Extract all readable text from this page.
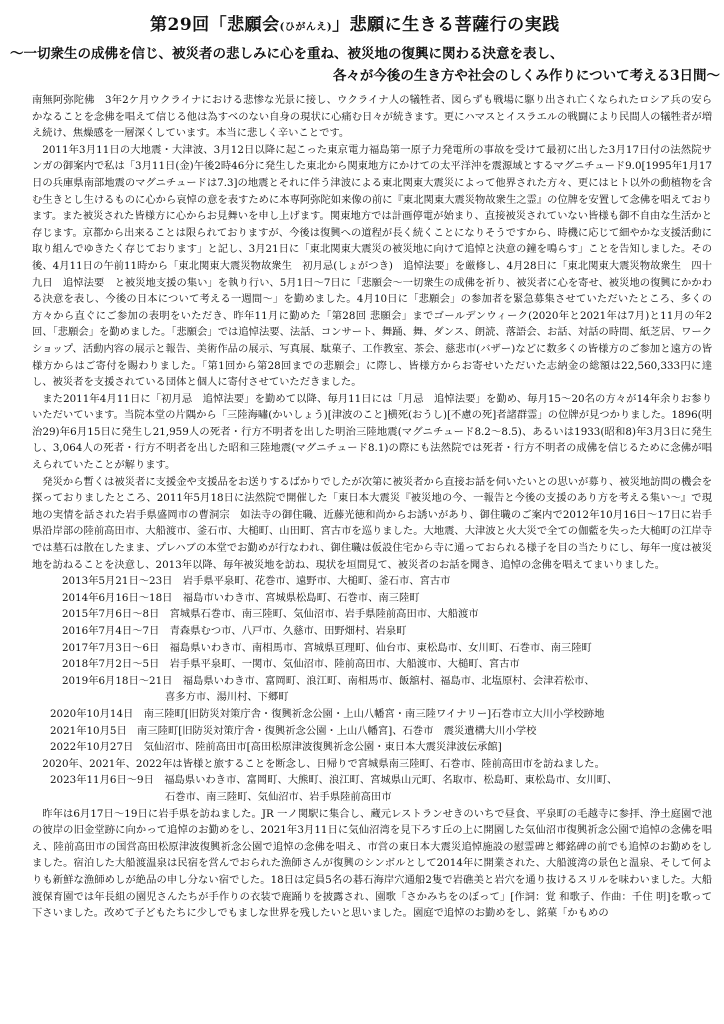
第29回「悲願会(ひがんえ)」悲願に生きる菩薩行の実践
〜一切衆生の成佛を信じ、被災者の悲しみに心を重ね、被災地の復興に関わる決意を表し、
各々が今後の生き方や社会のしくみ作りについて考える3日間〜

南無阿弥陀佛　3年2ケ月ウクライナにおける悲惨な光景に接し、ウクライナ人の犠牲者、図らずも戦場に駆り出され亡くなられたロシア兵の安らかなることを念佛を唱えて信じる他は為すべのない自身の現状に心痛む日々が続きます。更にハマスとイスラエルの戦闘により民間人の犠牲者が増え続け、焦燥感を一層深くしています。本当に悲しく辛いことです。

2011年3月11日の大地震・大津波、3月12日以降に起こった東京電力福島第一原子力発電所の事故を受けて最初に出した3月17日付の法然院サンガの御案内で私は「3月11日(金)午後2時46分に発生した東北から関東地方にかけての太平洋沖を震源域とするマグニチュード9.0[1995年1月17日の兵庫県南部地震のマグニチュードは7.3]の地震とそれに伴う津波による東北関東大震災によって他界された方々、更にはヒト以外の動植物を含む生きとし生けるものに心から哀悼の意を表すために本専阿弥陀如来像の前に『東北関東大震災物故衆生之霊』の位牌を安置して念佛を唱えております。また被災された皆様方に心からお見舞いを申し上げます。関東地方では計画停電が始まり、直接被災されていない皆様も御不自由な生活かと存じます。京都から出来ることは限られておりますが、今後は復興への道程が長く続くことになりそうですから、時機に応じて細やかな支援活動に取り組んでゆきたく存じております」と記し、3月21日に「東北関東大震災の被災地に向けて追悼と決意の鐘を鳴らす」ことを告知しました。その後、4月11日の午前11時から「東北関東大震災物故衆生　初月忌(しょがつき)　追悼法要」を厳修し、4月28日に「東北関東大震災物故衆生　四十九日　追悼法要　と被災地支援の集い」を執り行い、5月1日〜7日に「悲願会〜一切衆生の成佛を祈り、被災者に心を寄せ、被災地の復興にかかわる決意を表し、今後の日本について考える一週間〜」を勤めました。4月10日に「悲願会」の参加者を緊急募集させていただいたところ、多くの方々から直ぐにご参加の表明をいただき、昨年11月に勤めた「第28回 悲願会」までゴールデンウィーク(2020年と2021年は7月)と11月の年2回、「悲願会」を勤めました。「悲願会」では追悼法要、法話、コンサート、舞踊、舞、ダンス、朗読、落語会、お話、対話の時間、紙芝居、ワークショップ、活動内容の展示と報告、美術作品の展示、写真展、駄菓子、工作教室、茶会、慈悲市(バザー)などに数多くの皆様方のご参加と遠方の皆様方からはご寄付を賜わりました。「第1回から第28回までの悲願会」に際し、皆様方からお寄せいただいた志納金の総額は22,560,333円に達し、被災者を支援されている団体と個人に寄付させていただきました。

また2011年4月11日に「初月忌　追悼法要」を勤めて以降、毎月11日には「月忌　追悼法要」を勤め、毎月15〜20名の方々が14年余りお参りいただいています。当院本堂の片隅から「三陸海嘯(かいしょう)[津波のこと]横死(おうし)[不慮の死]者諸群霊」の位牌が見つかりました。1896(明治29)年6月15日に発生し21,959人の死者・行方不明者を出した明治三陸地震(マグニチュード8.2〜8.5)、あるいは1933(昭和8)年3月3日に発生し、3,064人の死者・行方不明者を出した昭和三陸地震(マグニチュード8.1)の際にも法然院では死者・行方不明者の成佛を信じるために念佛が唱えられていたことが解ります。

発災から暫くは被災者に支援金や支援品をお送りするばかりでしたが次第に被災者から直接お話を伺いたいとの思いが募り、被災地訪問の機会を探っておりましたところ、2011年5月18日に法然院で開催した「東日本大震災『被災地の今、一報告と今後の支援のあり方を考える集い〜』で現地の実情を話された岩手県盛岡市の曹洞宗　如法寺の御住職、近藤光徳和尚からお誘いがあり、御住職のご案内で2012年10月16日〜17日に岩手県沿岸部の陸前高田市、大船渡市、釜石市、大槌町、山田町、宮古市を巡りました。大地震、大津波と火大災で全ての伽藍を失った大槌町の江岸寺では墓石は散在したまま、プレハブの本堂でお勤めが行なわれ、御住職は仮設住宅から寺に通っておられる様子を目の当たりにし、毎年一度は被災地を訪ねることを決意し、2013年以降、毎年被災地を訪ね、現状を垣間見て、被災者のお話を聞き、追悼の念佛を唱えてまいりました。

2013年5月21日〜23日　 岩手県平泉町、花巻市、遠野市、大槌町、釜石市、宮古市
2014年6月16日〜18日　 福島市いわき市、宮城県松島町、石巻市、南三陸町
2015年7月6日〜8日　 宮城県石巻市、南三陸町、気仙沼市、岩手県陸前高田市、大船渡市
2016年7月4日〜7日　 青森県むつ市、八戸市、久慈市、田野畑村、岩泉町
2017年7月3日〜6日　 福島県いわき市、南相馬市、宮城県亘理町、仙台市、東松島市、女川町、石巻市、南三陸町
2018年7月2日〜5日　 岩手県平泉町、一関市、気仙沼市、陸前高田市、大船渡市、大槌町、宮古市
2019年6月18日〜21日　 福島県いわき市、富岡町、浪江町、南相馬市、飯舘村、福島市、北塩原村、会津若松市、
喜多方市、湯川村、下郷町
2020年10月14日　 南三陸町[旧防災対策庁舎・復興祈念公園・上山八幡宮・南三陸ワイナリー]石巻市立大川小学校跡地
2021年10月5日　 南三陸町[旧防災対策庁舎・復興祈念公園・上山八幡宮]、石巻市　震災遺構大川小学校
2022年10月27日　 気仙沼市、陸前高田市[高田松原津波復興祈念公園・東日本大震災津波伝承館]

2020年、2021年、2022年は皆様と旅することを断念し、日帰りで宮城県南三陸町、石巻市、陸前高田市を訪ねました。

2023年11月6日〜9日　 福島県いわき市、富岡町、大熊町、浪江町、宮城県山元町、名取市、松島町、東松島市、女川町、
石巻市、南三陸町、気仙沼市、岩手県陸前高田市

昨年は6月17日〜19日に岩手県を訪ねました。JR 一ノ関駅に集合し、蔵元レストランせきのいちで昼食、平泉町の毛越寺に参拝、浄土庭園で池の彼岸の旧金堂跡に向かって追悼のお勤めをし、2021年3月11日に気仙沼湾を見下ろす丘の上に開園した気仙沼市復興祈念公園で追悼の念佛を唱え、陸前高田市の国営高田松原津波復興祈念公園で追悼の念佛を唱え、市営の東日本大震災追悼施設の慰霊碑と郷銘碑の前でも追悼のお勤めをしました。宿泊した大船渡温泉は民宿を営んでおられた漁師さんが復興のシンボルとして2014年に開業された、大船渡湾の景色と温泉、そして何よりも新鮮な漁師めしが絶品の申し分ない宿でした。18日は定員5名の碁石海岸穴通船2隻で岩礁美と岩穴を通り抜けるスリルを味わいました。大船渡保育園では年長組の園児さんたちが手作りの衣装で鹿踊りを披露され、園歌「さかみちをのぼって」[作詞：覚 和歌子、作曲：千住 明]を歌って下さいました。改めて子どもたちに少しでもましな世界を残したいと思いました。園庭で追悼のお勤めをし、銘菓「かもめの
